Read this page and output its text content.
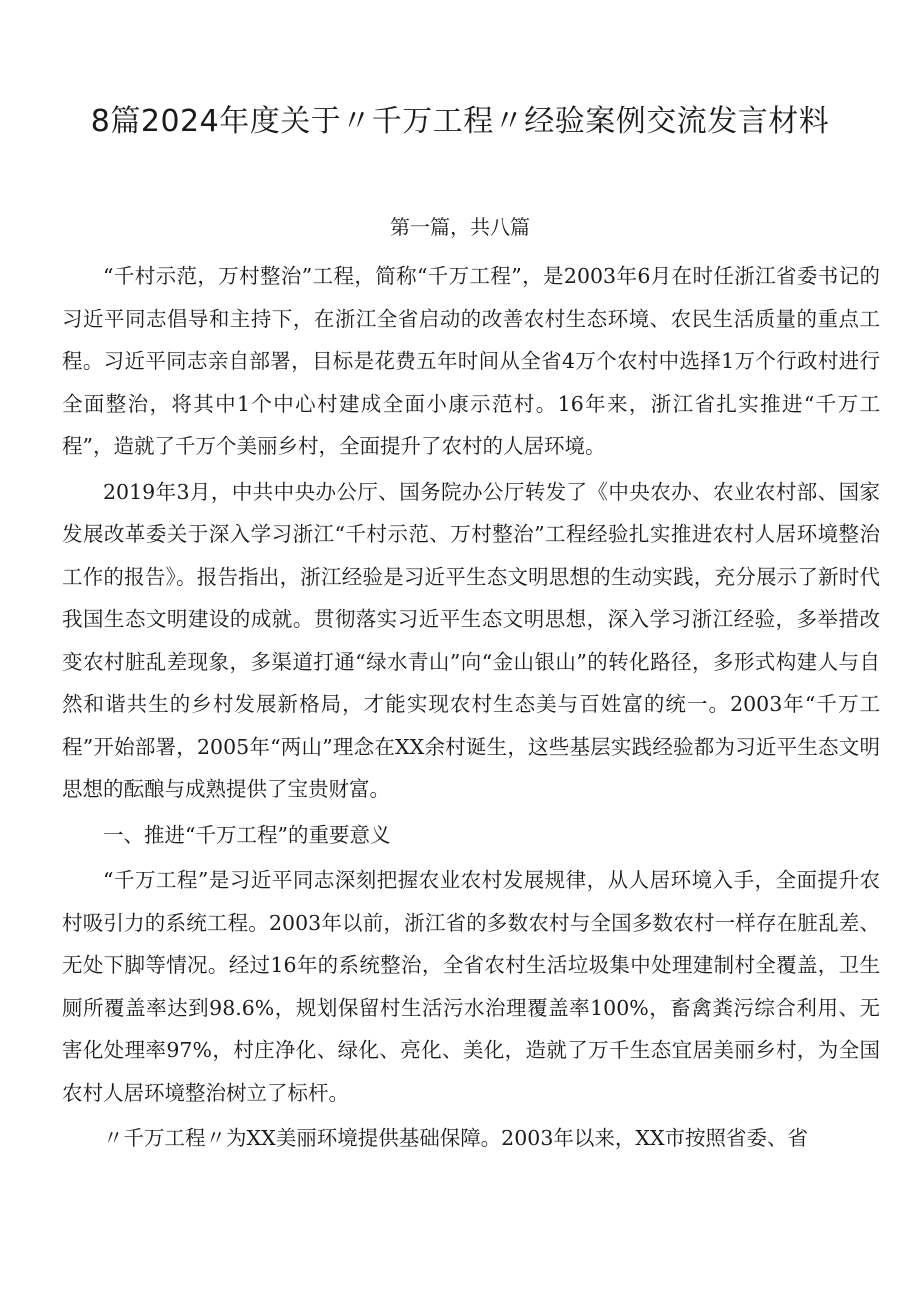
8篇2024年度关于〃千万工程〃经验案例交流发言材料
第一篇，共八篇

“千村示范，万村整治”工程，简称“千万工程”，是2003年6月在时任浙江省委书记的习近平同志倡导和主持下，在浙江全省启动的改善农村生态环境、农民生活质量的重点工程。习近平同志亲自部署，目标是花费五年时间从全省4万个农村中选择1万个行政村进行全面整治，将其中1个中心村建成全面小康示范村。16年来，浙江省扎实推进“千万工程”，造就了千万个美丽乡村，全面提升了农村的人居环境。

2019年3月，中共中央办公厅、国务院办公厅转发了《中央农办、农业农村部、国家发展改革委关于深入学习浙江“千村示范、万村整治”工程经验扎实推进农村人居环境整治工作的报告》。报告指出，浙江经验是习近平生态文明思想的生动实践，充分展示了新时代我国生态文明建设的成就。贯彻落实习近平生态文明思想，深入学习浙江经验，多举措改变农村脏乱差现象，多渠道打通“绿水青山”向“金山银山”的转化路径，多形式构建人与自然和谐共生的乡村发展新格局，才能实现农村生态美与百姓富的统一。2003年“千万工程”开始部署，2005年“两山”理念在XX余村诞生，这些基层实践经验都为习近平生态文明思想的酝酿与成熟提供了宝贵财富。

一、推进“千万工程”的重要意义

“千万工程”是习近平同志深刻把握农业农村发展规律，从人居环境入手，全面提升农村吸引力的系统工程。2003年以前，浙江省的多数农村与全国多数农村一样存在脏乱差、无处下脚等情况。经过16年的系统整治，全省农村生活垃圾集中处理建制村全覆盖，卫生厕所覆盖率达到98.6%，规划保留村生活污水治理覆盖率100%，畜禽粪污综合利用、无害化处理率97%，村庄净化、绿化、亮化、美化，造就了万千生态宜居美丽乡村，为全国农村人居环境整治树立了标杆。

〃千万工程〃为XX美丽环境提供基础保障。2003年以来，XX市按照省委、省
